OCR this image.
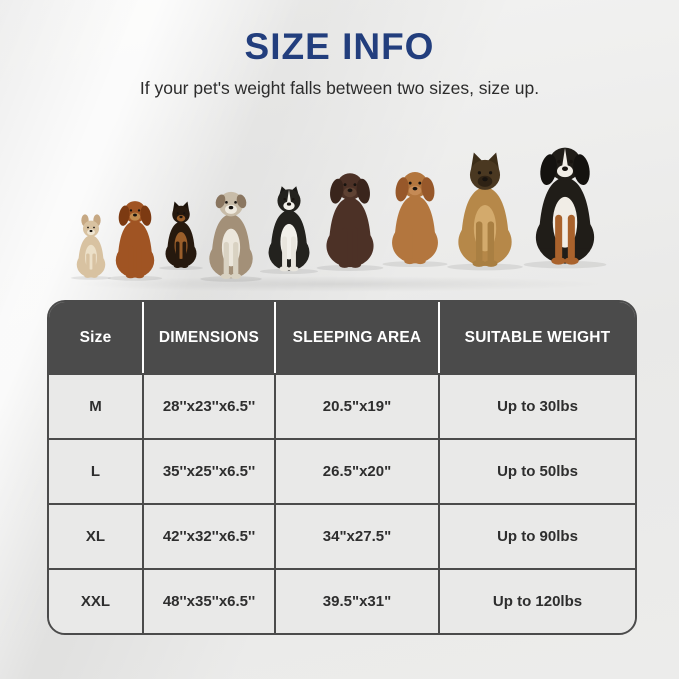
SIZE INFO
If your pet's weight falls between two sizes, size up.
Size	DIMENSIONS	SLEEPING AREA	SUITABLE WEIGHT
M	28''x23''x6.5''	20.5"x19"	Up to 30lbs
L	35''x25''x6.5''	26.5"x20"	Up to 50lbs
XL	42''x32''x6.5''	34"x27.5"	Up to 90lbs
XXL	48''x35''x6.5''	39.5"x31"	Up to 120lbs
